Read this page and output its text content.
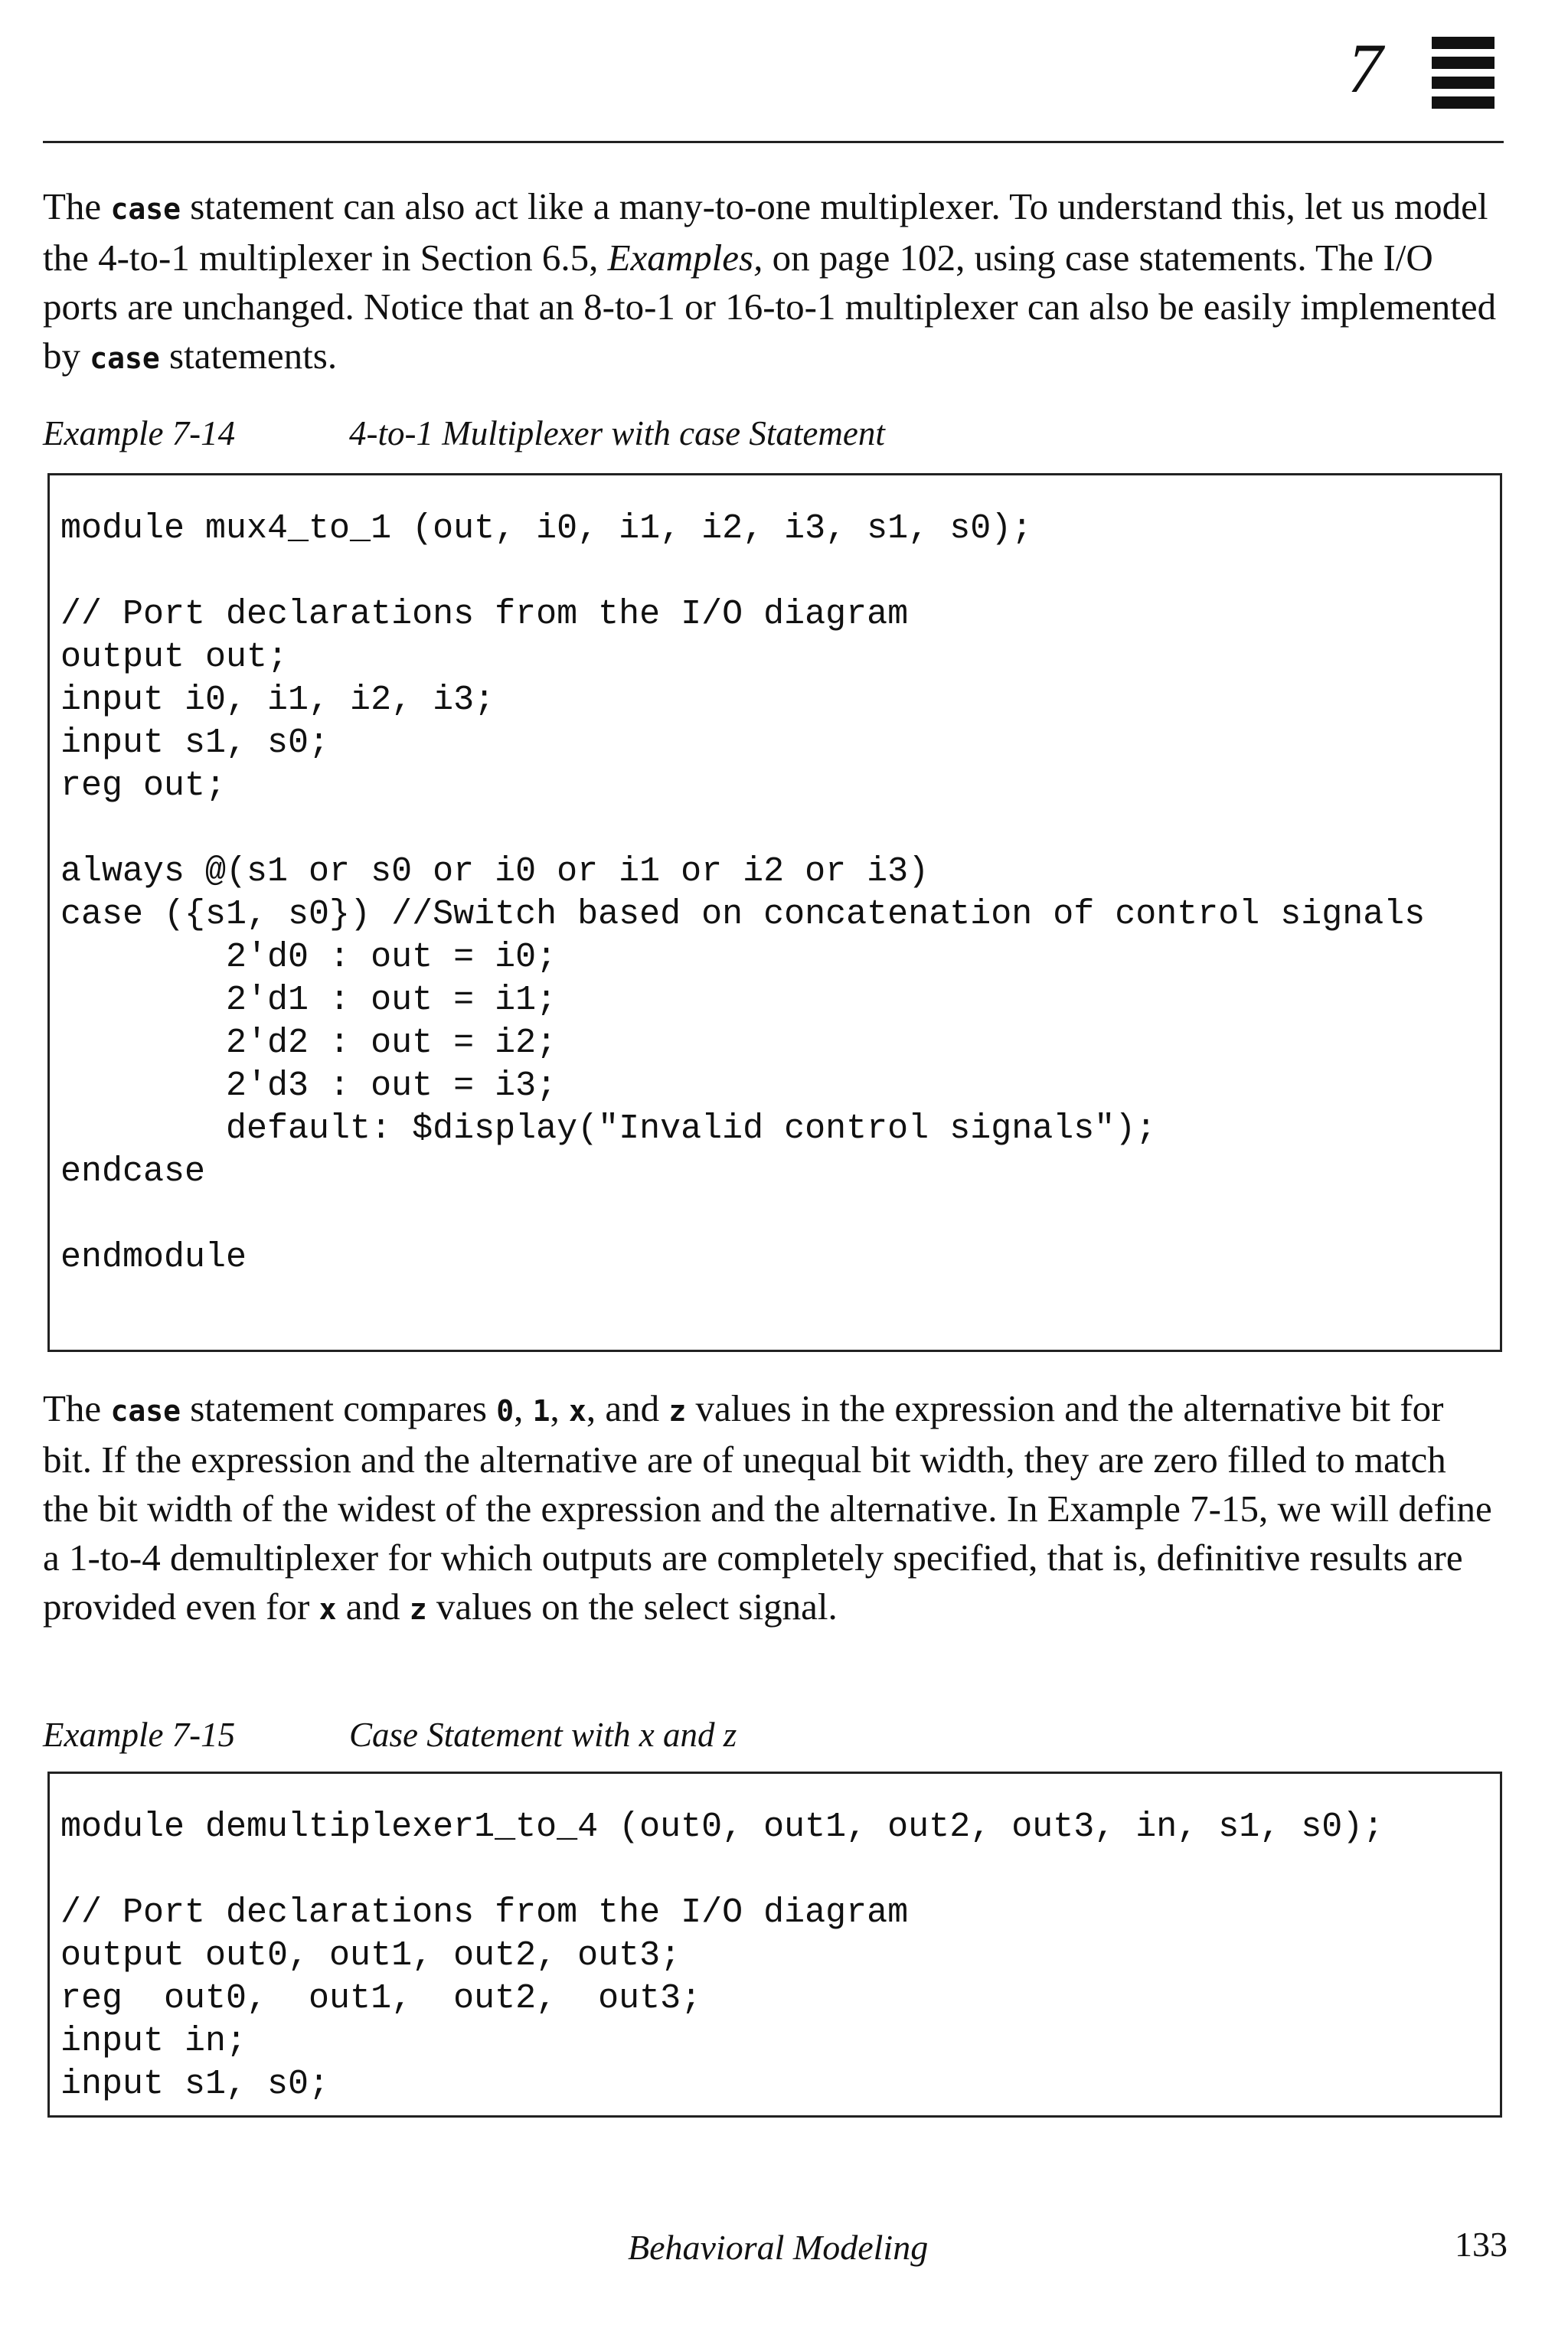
7

The case statement can also act like a many-to-one multiplexer. To understand this, let us model the 4-to-1 multiplexer in Section 6.5, Examples, on page 102, using case statements. The I/O ports are unchanged. Notice that an 8-to-1 or 16-to-1 multiplexer can also be easily implemented by case statements.

Example 7-14	4-to-1 Multiplexer with case Statement
module mux4_to_1 (out, i0, i1, i2, i3, s1, s0);

// Port declarations from the I/O diagram
output out;
input i0, i1, i2, i3;
input s1, s0;
reg out;

always @(s1 or s0 or i0 or i1 or i2 or i3)
case ({s1, s0}) //Switch based on concatenation of control signals
2'd0 : out = i0;
2'd1 : out = i1;
2'd2 : out = i2;
2'd3 : out = i3;
default: $display("Invalid control signals");
endcase

endmodule

The case statement compares 0, 1, x, and z values in the expression and the alternative bit for bit. If the expression and the alternative are of unequal bit width, they are zero filled to match the bit width of the widest of the expression and the alternative. In Example 7-15, we will define a 1-to-4 demultiplexer for which outputs are completely specified, that is, definitive results are provided even for x and z values on the select signal.

Example 7-15	Case Statement with x and z
module demultiplexer1_to_4 (out0, out1, out2, out3, in, s1, s0);

// Port declarations from the I/O diagram
output out0, out1, out2, out3;
reg  out0,  out1,  out2,  out3;
input in;
input s1, s0;
Behavioral Modeling	133
